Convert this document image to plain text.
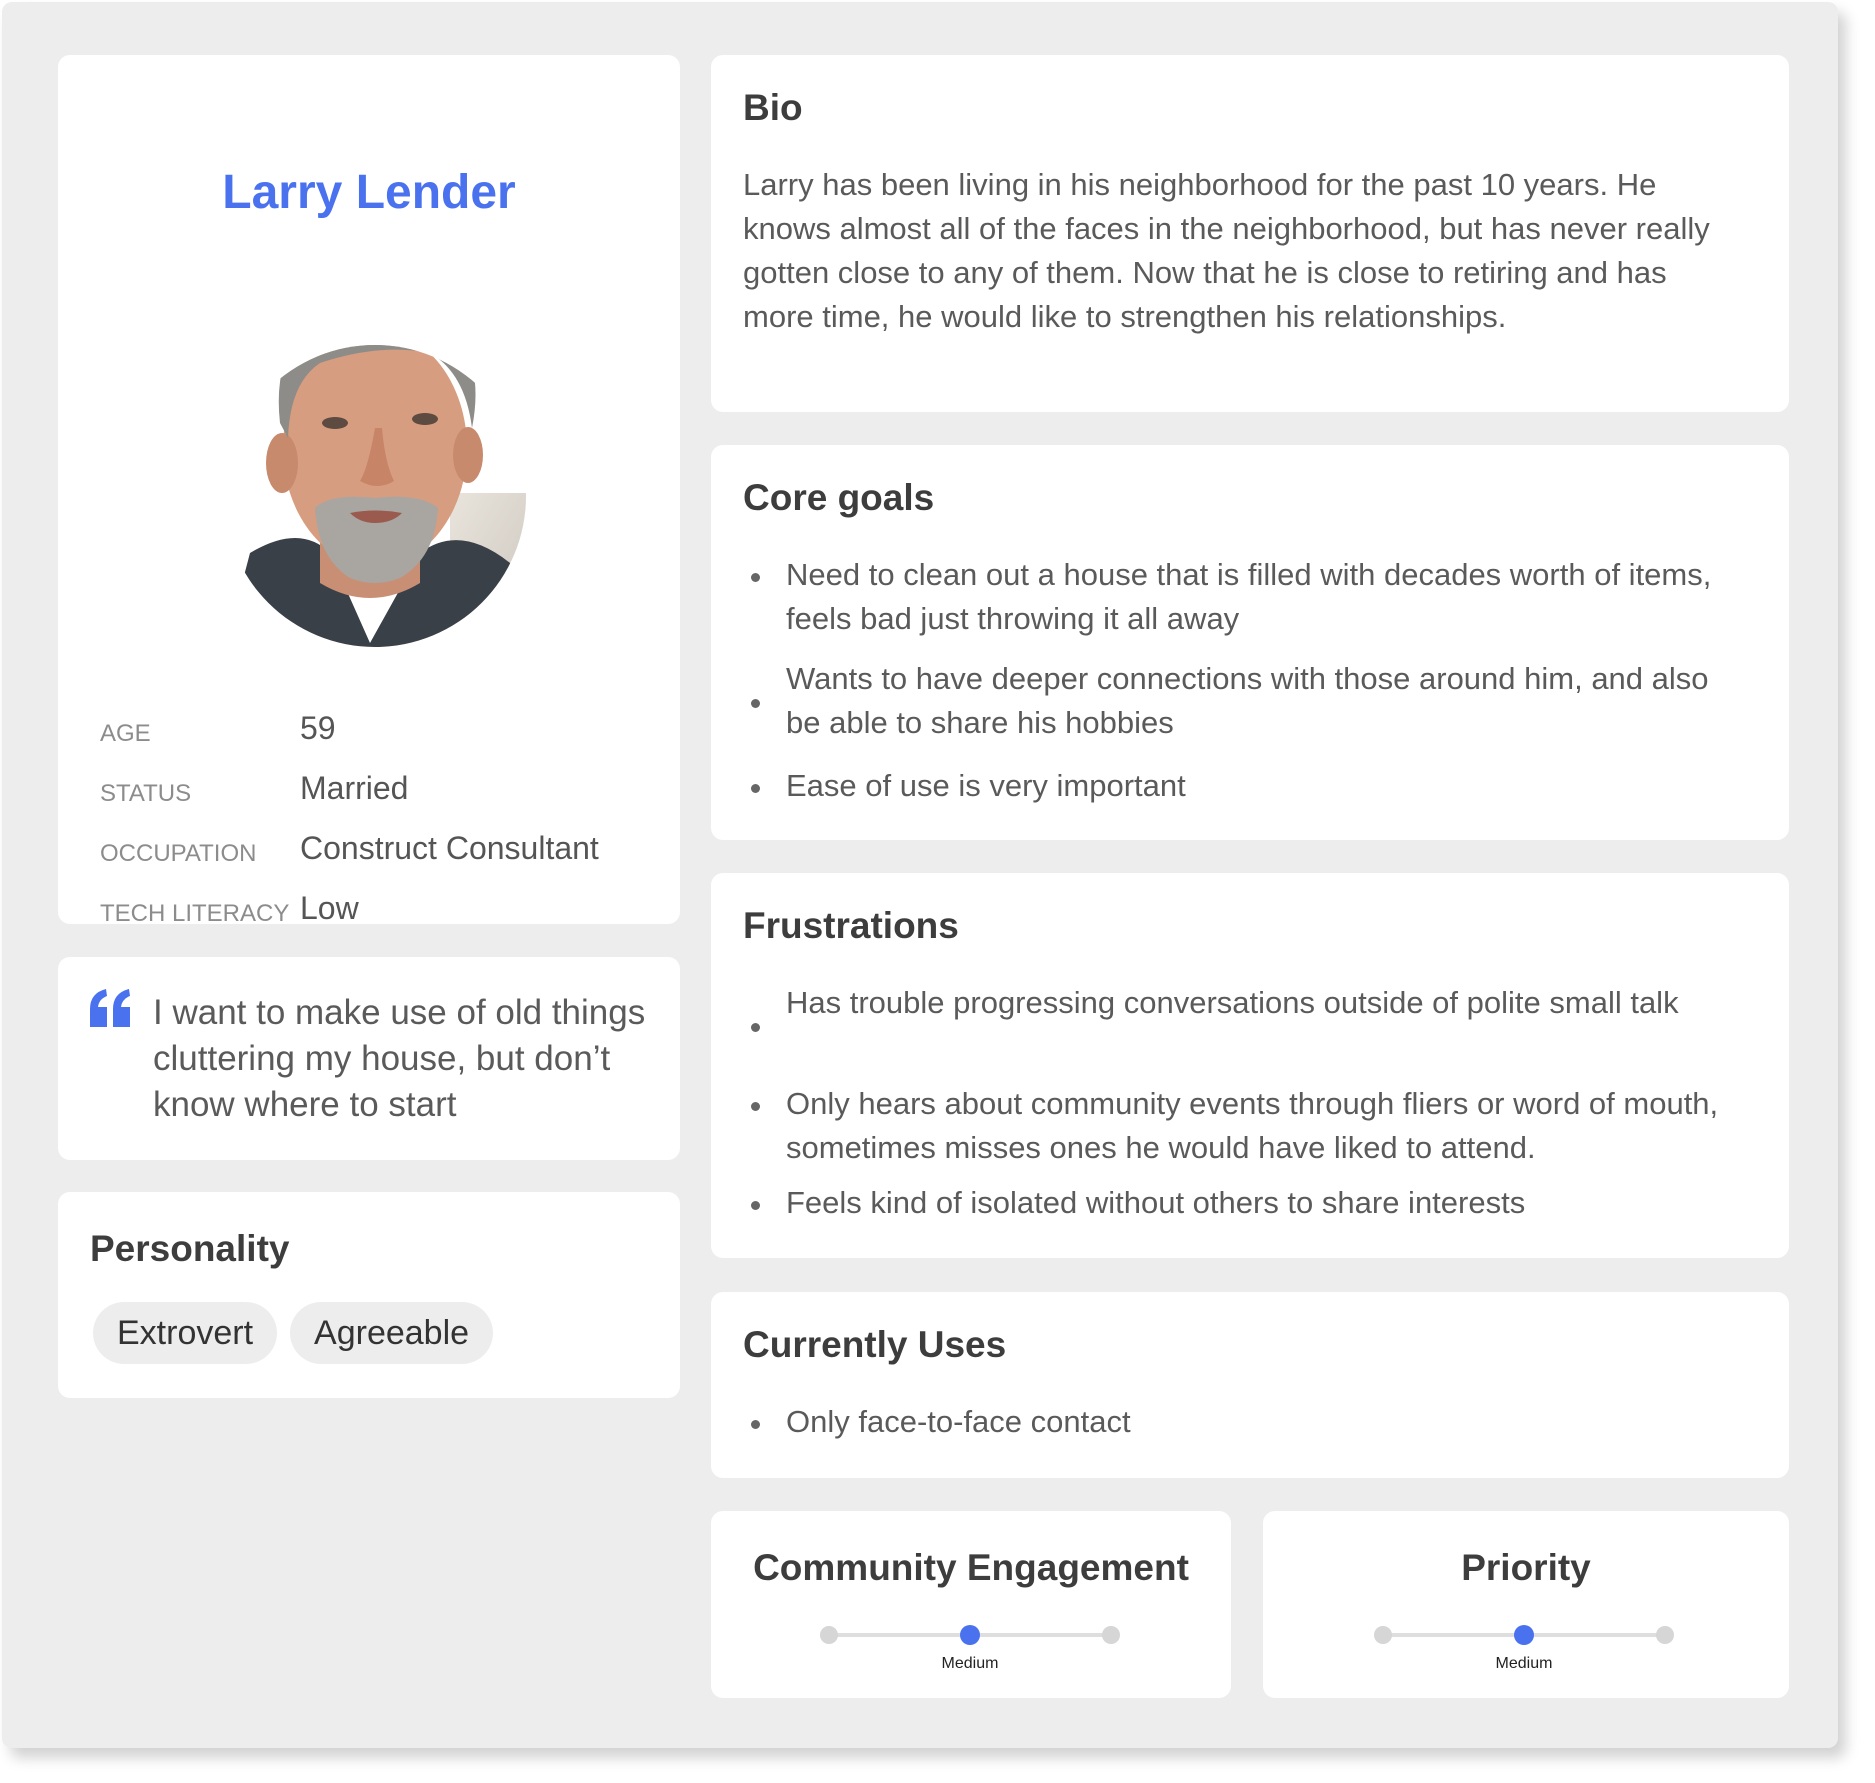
Larry Lender
AGE	59
STATUS	Married
OCCUPATION Construct Consultant
TECH LITERACY Low

I want to make use of old things cluttering my house, but don’t know where to start

Personality
Extrovert	Agreeable
Bio

Larry has been living in his neighborhood for the past 10 years. He knows almost all of the faces in the neighborhood, but has never really gotten close to any of them. Now that he is close to retiring and has more time, he would like to strengthen his relationships.

Core goals
Need to clean out a house that is filled with decades worth of items, feels bad just throwing it all away
Wants to have deeper connections with those around him, and also be able to share his hobbies
Ease of use is very important
Frustrations
Has trouble progressing conversations outside of polite small talk
Only hears about community events through fliers or word of mouth, sometimes misses ones he would have liked to attend.
Feels kind of isolated without others to share interests
Currently Uses
Only face-to-face contact
Community Engagement
Medium
Priority
Medium
